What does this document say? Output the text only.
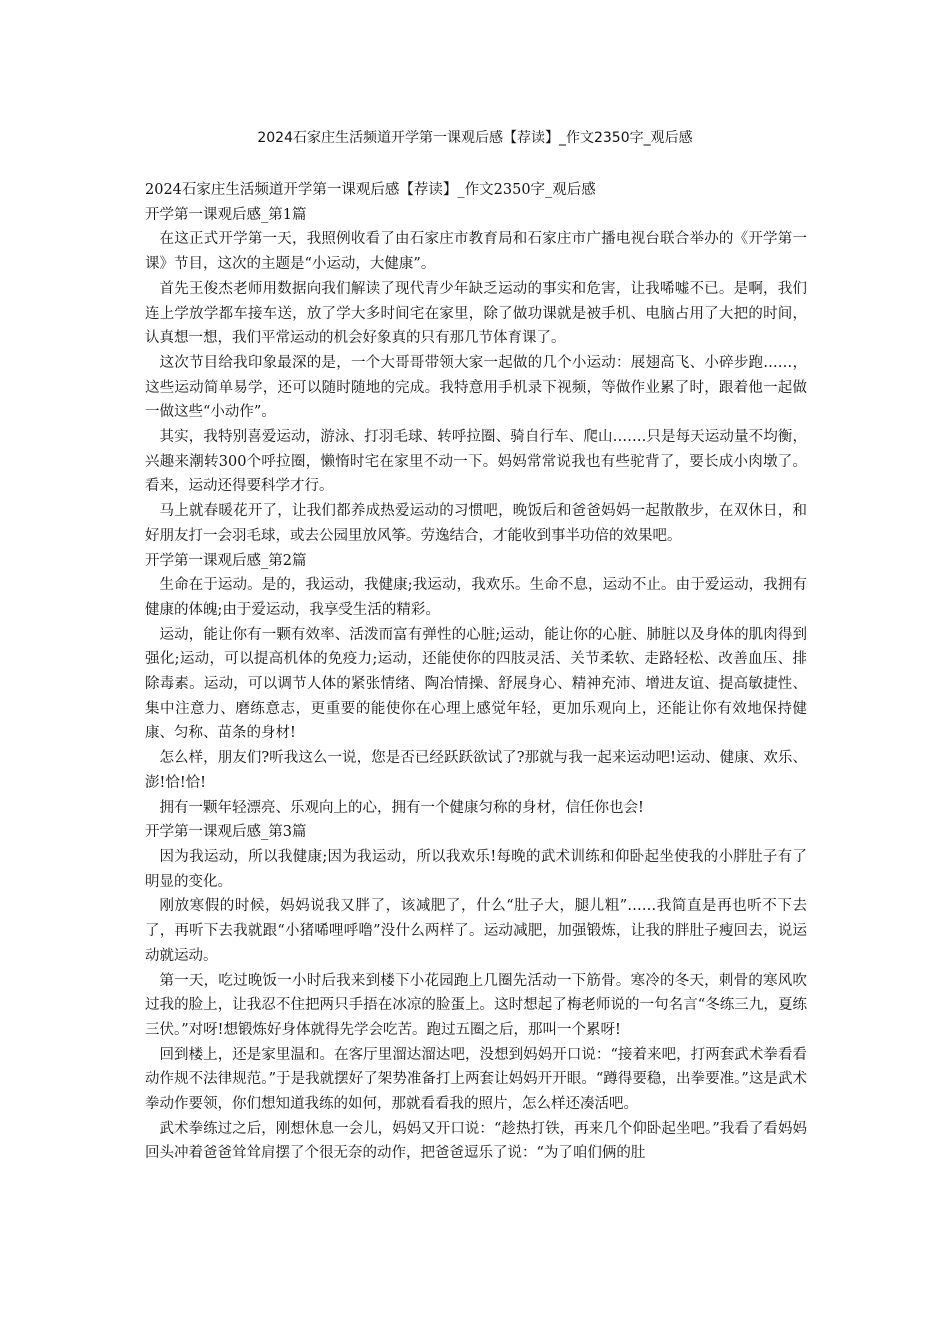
2024石家庄生活频道开学第一课观后感【荐读】_作文2350字_观后感

2024石家庄生活频道开学第一课观后感【荐读】_作文2350字_观后感

开学第一课观后感_第1篇

在这正式开学第一天，我照例收看了由石家庄市教育局和石家庄市广播电视台联合举办的《开学第一课》节目，这次的主题是“小运动，大健康”。

首先王俊杰老师用数据向我们解读了现代青少年缺乏运动的事实和危害，让我唏嘘不已。是啊，我们连上学放学都车接车送，放了学大多时间宅在家里，除了做功课就是被手机、电脑占用了大把的时间，认真想一想，我们平常运动的机会好象真的只有那几节体育课了。

这次节目给我印象最深的是，一个大哥哥带领大家一起做的几个小运动：展翅高飞、小碎步跑……，这些运动简单易学，还可以随时随地的完成。我特意用手机录下视频，等做作业累了时，跟着他一起做一做这些“小动作”。

其实，我特别喜爱运动，游泳、打羽毛球、转呼拉圈、骑自行车、爬山…….只是每天运动量不均衡，兴趣来潮转300个呼拉圈，懒惰时宅在家里不动一下。妈妈常常说我也有些驼背了，要长成小肉墩了。看来，运动还得要科学才行。

马上就春暖花开了，让我们都养成热爱运动的习惯吧，晚饭后和爸爸妈妈一起散散步，在双休日，和好朋友打一会羽毛球，或去公园里放风筝。劳逸结合，才能收到事半功倍的效果吧。

开学第一课观后感_第2篇

生命在于运动。是的，我运动，我健康;我运动，我欢乐。生命不息，运动不止。由于爱运动，我拥有健康的体魄;由于爱运动，我享受生活的精彩。

运动，能让你有一颗有效率、活泼而富有弹性的心脏;运动，能让你的心脏、肺脏以及身体的肌肉得到强化;运动，可以提高机体的免疫力;运动，还能使你的四肢灵活、关节柔软、走路轻松、改善血压、排除毒素。运动，可以调节人体的紧张情绪、陶冶情操、舒展身心、精神充沛、增进友谊、提高敏捷性、集中注意力、磨练意志，更重要的能使你在心理上感觉年轻，更加乐观向上，还能让你有效地保持健康、匀称、苗条的身材!

怎么样，朋友们?听我这么一说，您是否已经跃跃欲试了?那就与我一起来运动吧!运动、健康、欢乐、澎!恰!恰!

拥有一颗年轻漂亮、乐观向上的心，拥有一个健康匀称的身材，信任你也会!

开学第一课观后感_第3篇

因为我运动，所以我健康;因为我运动，所以我欢乐!每晚的武术训练和仰卧起坐使我的小胖肚子有了明显的变化。

刚放寒假的时候，妈妈说我又胖了，该减肥了，什么“肚子大，腿儿粗”……我简直是再也听不下去了，再听下去我就跟“小猪唏哩呼噜”没什么两样了。运动减肥，加强锻炼，让我的胖肚子瘦回去，说运动就运动。

第一天，吃过晚饭一小时后我来到楼下小花园跑上几圈先活动一下筋骨。寒冷的冬天，刺骨的寒风吹过我的脸上，让我忍不住把两只手捂在冰凉的脸蛋上。这时想起了梅老师说的一句名言“冬练三九，夏练三伏。”对呀!想锻炼好身体就得先学会吃苦。跑过五圈之后，那叫一个累呀!

回到楼上，还是家里温和。在客厅里溜达溜达吧，没想到妈妈开口说：“接着来吧，打两套武术拳看看动作规不法律规范。”于是我就摆好了架势准备打上两套让妈妈开开眼。“蹲得要稳，出拳要准。”这是武术拳动作要领，你们想知道我练的如何，那就看看我的照片，怎么样还凑活吧。

武术拳练过之后，刚想休息一会儿，妈妈又开口说：“趁热打铁，再来几个仰卧起坐吧。”我看了看妈妈回头冲着爸爸耸耸肩摆了个很无奈的动作，把爸爸逗乐了说：“为了咱们俩的肚
